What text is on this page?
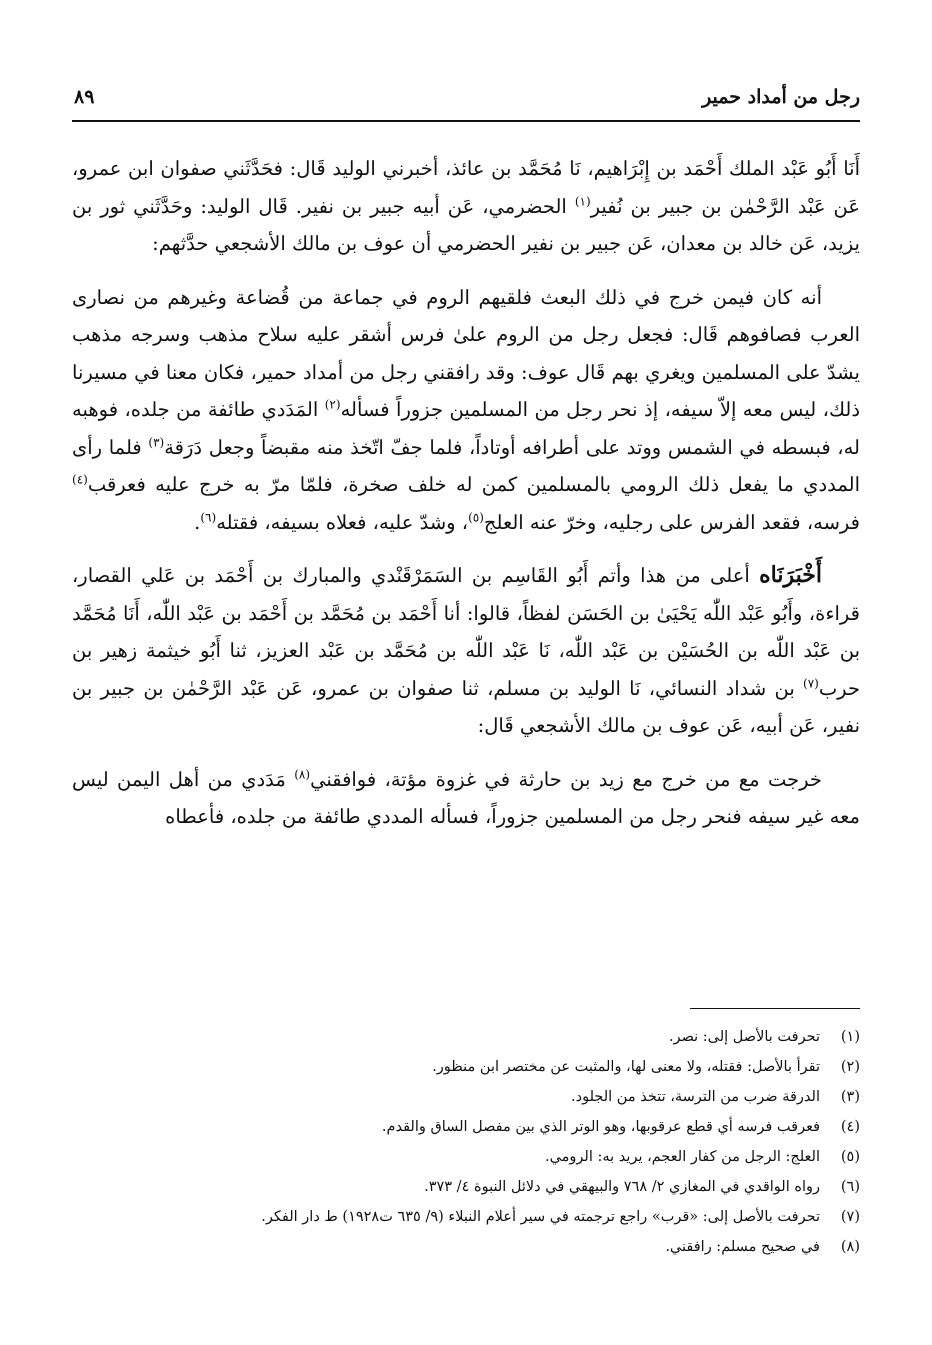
رجل من أمداد حمير
٨٩

أَنَا أَبُو عَبْد الملك أَحْمَد بن إِبْرَاهيم، نَا مُحَمَّد بن عائذ، أخبرني الوليد قَال: فحَدَّثَني صفوان ابن عمرو، عَن عَبْد الرَّحْمٰن بن جبير بن نُفير$^{(١)}$ الحضرمي، عَن أبيه جبير بن نفير. قَال الوليد: وحَدَّثَني ثور بن يزيد، عَن خالد بن معدان، عَن جبير بن نفير الحضرمي أن عوف بن مالك الأشجعي حدَّثهم:

أنه كان فيمن خرج في ذلك البعث فلقيهم الروم في جماعة من قُضاعة وغيرهم من نصارى العرب فصافوهم قَال: فجعل رجل من الروم علىٰ فرس أشقر عليه سلاح مذهب وسرجه مذهب يشدّ على المسلمين ويغري بهم قَال عوف: وقد رافقني رجل من أمداد حمير، فكان معنا في مسيرنا ذلك، ليس معه إلاّ سيفه، إذ نحر رجل من المسلمين جزوراً فسأله$^{(٢)}$ المَدَدي طائفة من جلده، فوهبه له، فبسطه في الشمس ووتد على أطرافه أوتاداً، فلما جفّ اتّخذ منه مقبضاً وجعل دَرَقة$^{(٣)}$ فلما رأى المددي ما يفعل ذلك الرومي بالمسلمين كمن له خلف صخرة، فلمّا مرّ به خرج عليه فعرقب$^{(٤)}$ فرسه، فقعد الفرس على رجليه، وخرّ عنه العلج$^{(٥)}$، وشدّ عليه، فعلاه بسيفه، فقتله$^{(٦)}$.

أَخْبَرَنَاه أعلى من هذا وأتم أَبُو القَاسِم بن السَمَرْقَنْدي والمبارك بن أَحْمَد بن عَلي القصار، قراءة، وأَبُو عَبْد اللّٰه يَحْيَىٰ بن الحَسَن لفظاً، قالوا: أنا أَحْمَد بن مُحَمَّد بن أَحْمَد بن عَبْد اللّٰه، أَنَا مُحَمَّد بن عَبْد اللّٰه بن الحُسَيْن بن عَبْد اللّٰه، نَا عَبْد اللّٰه بن مُحَمَّد بن عَبْد العزيز، ثنا أَبُو خيثمة زهير بن حرب$^{(٧)}$ بن شداد النسائي، نَا الوليد بن مسلم، ثنا صفوان بن عمرو، عَن عَبْد الرَّحْمٰن بن جبير بن نفير، عَن أبيه، عَن عوف بن مالك الأشجعي قَال:

خرجت مع من خرج مع زيد بن حارثة في غزوة مؤتة، فوافقني$^{(٨)}$ مَدَدي من أهل اليمن ليس معه غير سيفه فنحر رجل من المسلمين جزوراً، فسأله المددي طائفة من جلده، فأعطاه

(١)
تحرفت بالأصل إلى: نصر.
(٢)
تقرأ بالأصل: فقتله، ولا معنى لها، والمثبت عن مختصر ابن منظور.
(٣)
الدرقة ضرب من الترسة، تتخذ من الجلود.
(٤)
فعرقب فرسه أي قطع عرقوبها، وهو الوتر الذي بين مفصل الساق والقدم.
(٥)
العلج: الرجل من كفار العجم، يريد به: الرومي.
(٦)
رواه الواقدي في المغازي ٢/ ٧٦٨ والبيهقي في دلائل النبوة ٤/ ٣٧٣.
(٧)
تحرفت بالأصل إلى: «قرب» راجع ترجمته في سير أعلام النبلاء (٩/ ٦٣٥ ت١٩٢٨) ط دار الفكر.
(٨)
في صحيح مسلم: رافقني.
